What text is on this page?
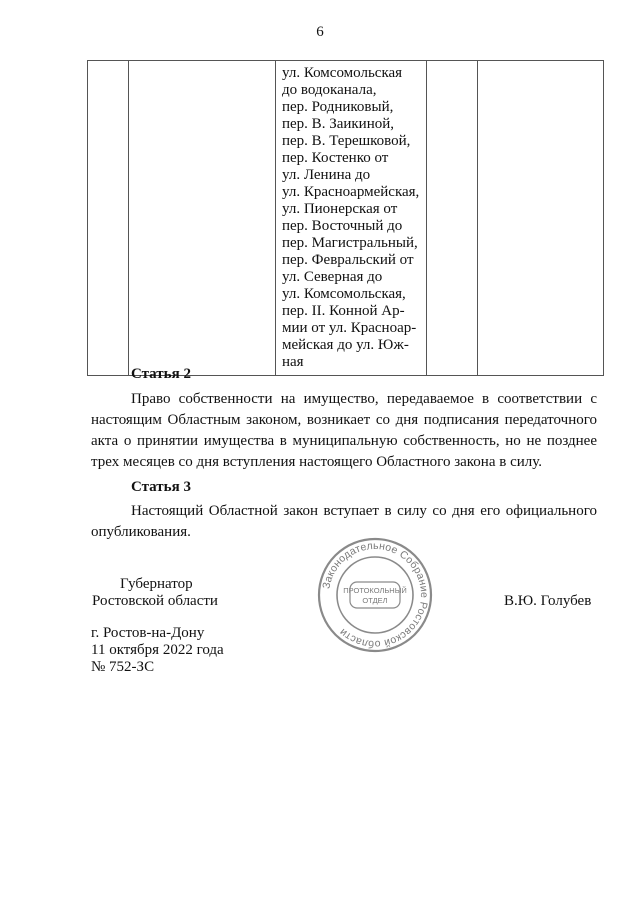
6

ул. Комсомольская
до водоканала,
пер. Родниковый,
пер. В. Заикиной,
пер. В. Терешковой,
пер. Костенко от
ул. Ленина до
ул. Красноармейская,
ул. Пионерская от
пер. Восточный до
пер. Магистральный,
пер. Февральский от
ул. Северная до
ул. Комсомольская,
пер. II. Конной Ар-
мии от ул. Красноар-
мейская до ул. Юж-
ная

Статья 2
Право собственности на имущество, передаваемое в соответствии с
настоящим Областным законом, возникает со дня подписания передаточного
акта о принятии имущества в муниципальную собственность, но не позднее
трех месяцев со дня вступления настоящего Областного закона в силу.
Статья 3
Настоящий Областной закон вступает в силу со дня его официального
опубликования.
Губернатор
Ростовской области	В.Ю. Голубев
г. Ростов-на-Дону
11 октября 2022 года
№ 752-ЗС
Законодательное Собрание Ростовской области
ПРОТОКОЛЬНЫЙ
ОТДЕЛ
